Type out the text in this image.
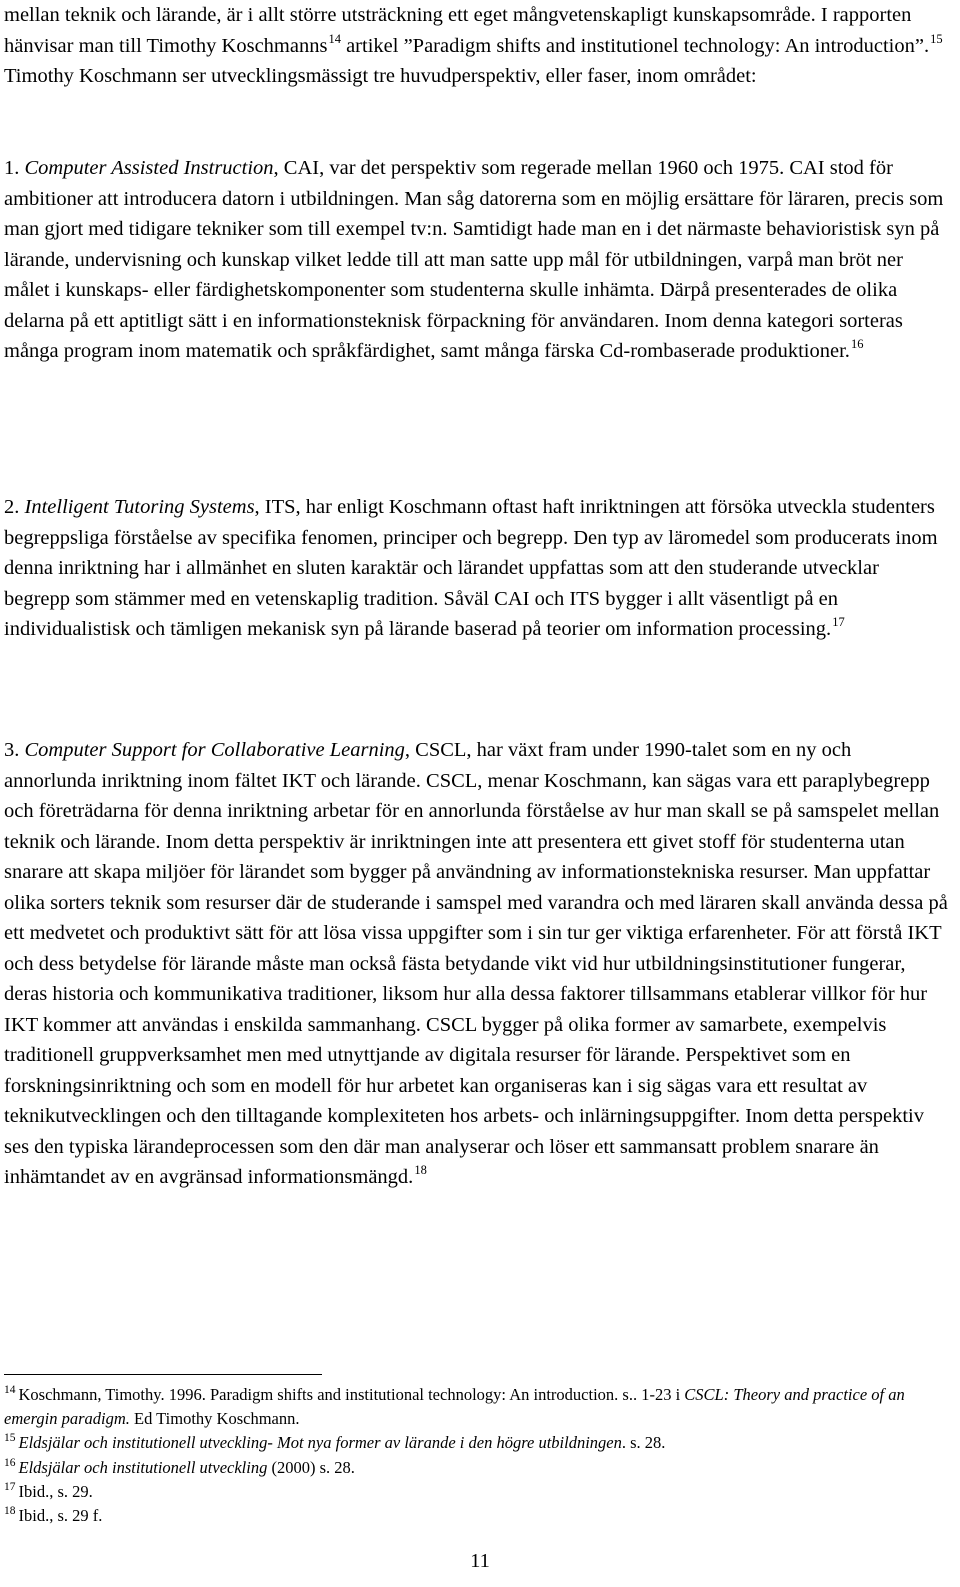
mellan teknik och lärande, är i allt större utsträckning ett eget mångvetenskapligt kunskapsområde. I rapporten hänvisar man till Timothy Koschmanns$^{14}$ artikel ”Paradigm shifts and institutionel technology: An introduction”.$^{15}$ Timothy Koschmann ser utvecklingsmässigt tre huvudperspektiv, eller faser, inom området:

1. Computer Assisted Instruction, CAI, var det perspektiv som regerade mellan 1960 och 1975. CAI stod för ambitioner att introducera datorn i utbildningen. Man såg datorerna som en möjlig ersättare för läraren, precis som man gjort med tidigare tekniker som till exempel tv:n. Samtidigt hade man en i det närmaste behavioristisk syn på lärande, undervisning och kunskap vilket ledde till att man satte upp mål för utbildningen, varpå man bröt ner målet i kunskaps- eller färdighetskomponenter som studenterna skulle inhämta. Därpå presenterades de olika delarna på ett aptitligt sätt i en informationsteknisk förpackning för användaren. Inom denna kategori sorteras många program inom matematik och språkfärdighet, samt många färska Cd-rombaserade produktioner.$^{16}$

2. Intelligent Tutoring Systems, ITS, har enligt Koschmann oftast haft inriktningen att försöka utveckla studenters begreppsliga förståelse av specifika fenomen, principer och begrepp. Den typ av läromedel som producerats inom denna inriktning har i allmänhet en sluten karaktär och lärandet uppfattas som att den studerande utvecklar begrepp som stämmer med en vetenskaplig tradition. Såväl CAI och ITS bygger i allt väsentligt på en individualistisk och tämligen mekanisk syn på lärande baserad på teorier om information processing.$^{17}$

3. Computer Support for Collaborative Learning, CSCL, har växt fram under 1990-talet som en ny och annorlunda inriktning inom fältet IKT och lärande. CSCL, menar Koschmann, kan sägas vara ett paraplybegrepp och företrädarna för denna inriktning arbetar för en annorlunda förståelse av hur man skall se på samspelet mellan teknik och lärande. Inom detta perspektiv är inriktningen inte att presentera ett givet stoff för studenterna utan snarare att skapa miljöer för lärandet som bygger på användning av informationstekniska resurser. Man uppfattar olika sorters teknik som resurser där de studerande i samspel med varandra och med läraren skall använda dessa på ett medvetet och produktivt sätt för att lösa vissa uppgifter som i sin tur ger viktiga erfarenheter. För att förstå IKT och dess betydelse för lärande måste man också fästa betydande vikt vid hur utbildningsinstitutioner fungerar, deras historia och kommunikativa traditioner, liksom hur alla dessa faktorer tillsammans etablerar villkor för hur IKT kommer att användas i enskilda sammanhang. CSCL bygger på olika former av samarbete, exempelvis traditionell gruppverksamhet men med utnyttjande av digitala resurser för lärande. Perspektivet som en forskningsinriktning och som en modell för hur arbetet kan organiseras kan i sig sägas vara ett resultat av teknikutvecklingen och den tilltagande komplexiteten hos arbets- och inlärningsuppgifter. Inom detta perspektiv ses den typiska lärandeprocessen som den där man analyserar och löser ett sammansatt problem snarare än inhämtandet av en avgränsad informationsmängd.$^{18}$

$^{14}$ Koschmann, Timothy. 1996. Paradigm shifts and institutional technology: An introduction. s.. 1-23 i CSCL: Theory and practice of an emergin paradigm. Ed Timothy Koschmann.

$^{15}$ Eldsjälar och institutionell utveckling- Mot nya former av lärande i den högre utbildningen. s. 28.

$^{16}$ Eldsjälar och institutionell utveckling (2000) s. 28.

$^{17}$ Ibid., s. 29.

$^{18}$ Ibid., s. 29 f.

11
